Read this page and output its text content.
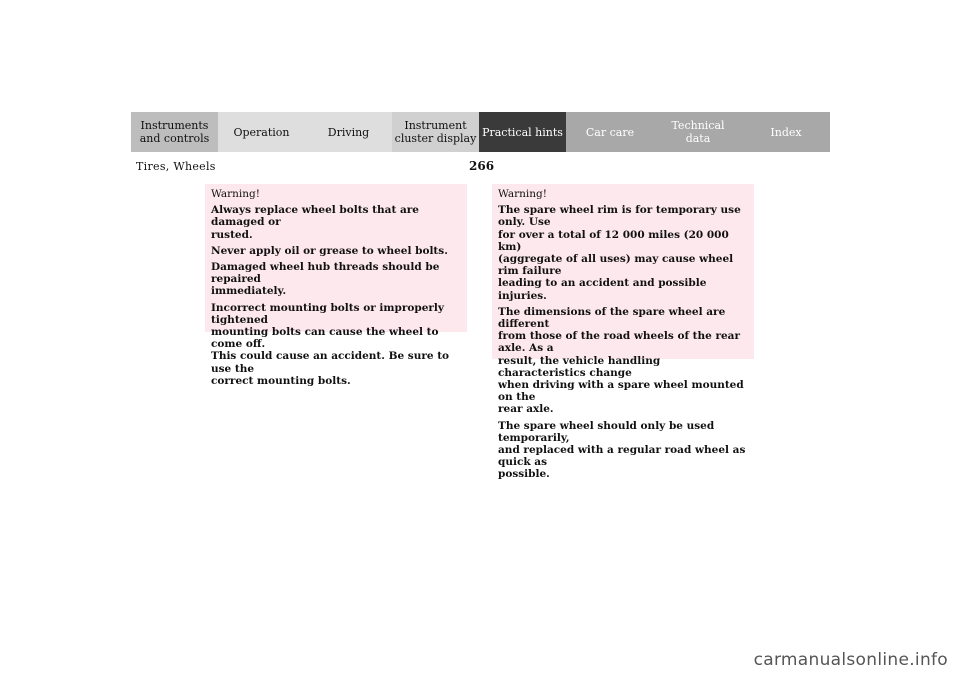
Instruments
and controls Operation	Driving	Instrument
cluster display Practical hints Car care	Technical
data	Index
Tires, Wheels	266
Warning!

Always replace wheel bolts that are damaged or
rusted.

Never apply oil or grease to wheel bolts.

Damaged wheel hub threads should be repaired
immediately.

Incorrect mounting bolts or improperly tightened
mounting bolts can cause the wheel to come off.
This could cause an accident. Be sure to use the
correct mounting bolts.

Warning!

The spare wheel rim is for temporary use only. Use
for over a total of 12 000 miles (20 000 km)
(aggregate of all uses) may cause wheel rim failure
leading to an accident and possible injuries.

The dimensions of the spare wheel are different
from those of the road wheels of the rear axle. As a
result, the vehicle handling characteristics change
when driving with a spare wheel mounted on the
rear axle.

The spare wheel should only be used temporarily,
and replaced with a regular road wheel as quick as
possible.

carmanualsonline.info
